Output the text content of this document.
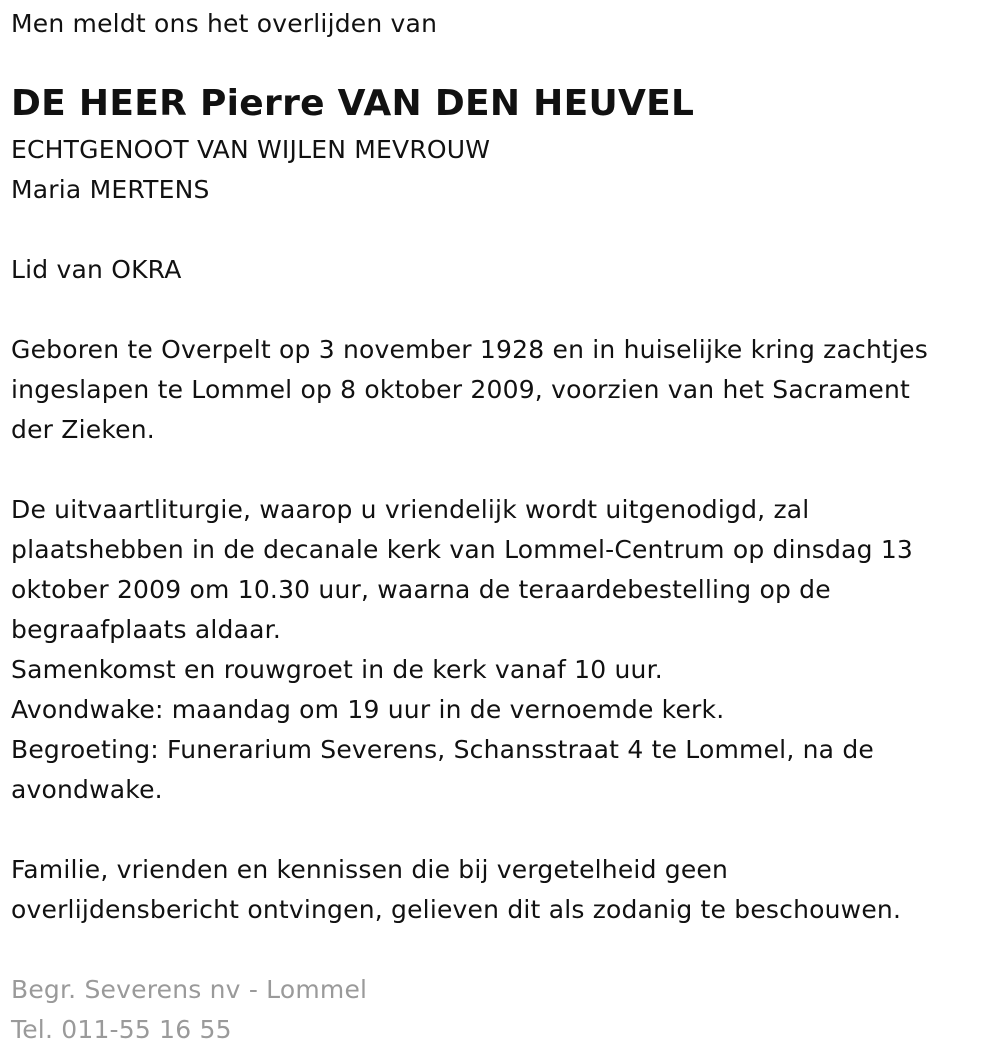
Men meldt ons het overlijden van
DE HEER Pierre VAN DEN HEUVEL
ECHTGENOOT VAN WIJLEN MEVROUW
Maria MERTENS
Lid van OKRA
Geboren te Overpelt op 3 november 1928 en in huiselijke kring zachtjes
ingeslapen te Lommel op 8 oktober 2009, voorzien van het Sacrament
der Zieken.
De uitvaartliturgie, waarop u vriendelijk wordt uitgenodigd, zal
plaatshebben in de decanale kerk van Lommel-Centrum op dinsdag 13
oktober 2009 om 10.30 uur, waarna de teraardebestelling op de
begraafplaats aldaar.
Samenkomst en rouwgroet in de kerk vanaf 10 uur.
Avondwake: maandag om 19 uur in de vernoemde kerk.
Begroeting: Funerarium Severens, Schansstraat 4 te Lommel, na de
avondwake.
Familie, vrienden en kennissen die bij vergetelheid geen
overlijdensbericht ontvingen, gelieven dit als zodanig te beschouwen.
Begr. Severens nv - Lommel
Tel. 011-55 16 55
